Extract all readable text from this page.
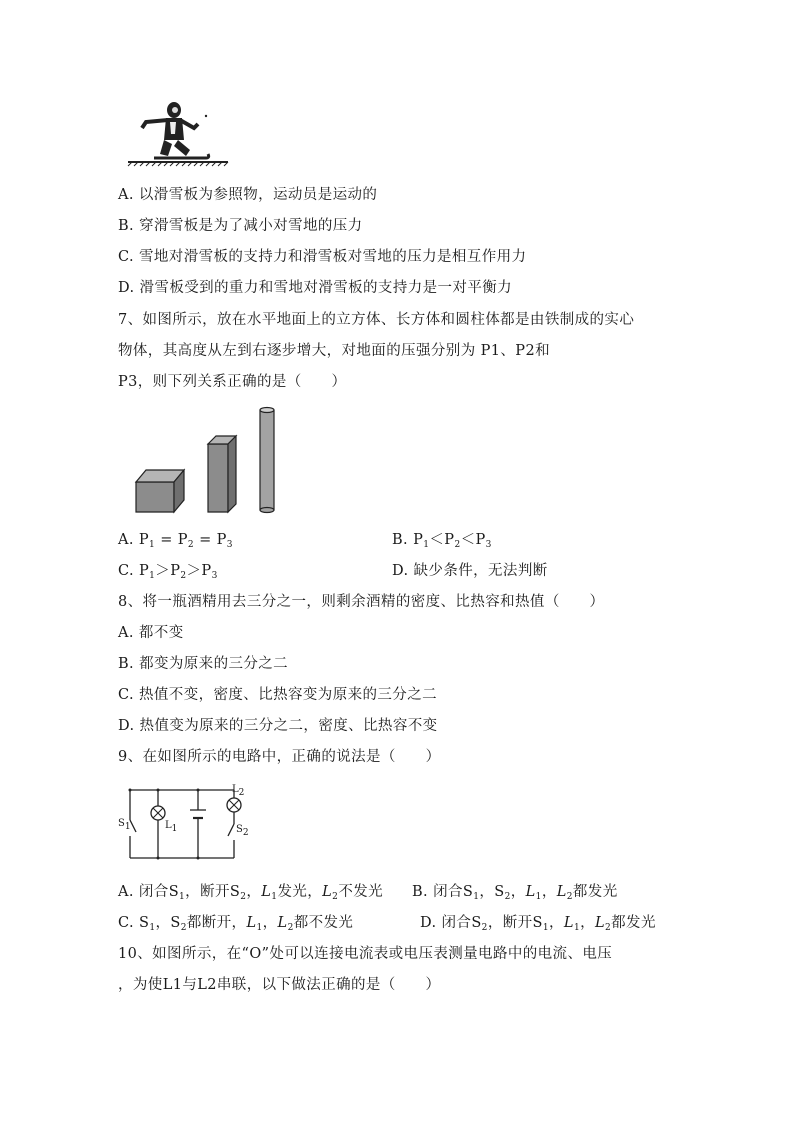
A. 以滑雪板为参照物，运动员是运动的
B. 穿滑雪板是为了减小对雪地的压力
C. 雪地对滑雪板的支持力和滑雪板对雪地的压力是相互作用力
D. 滑雪板受到的重力和雪地对滑雪板的支持力是一对平衡力
7、如图所示，放在水平地面上的立方体、长方体和圆柱体都是由铁制成的实心
物体，其高度从左到右逐步增大，对地面的压强分别为 P1、P2和
P3，则下列关系正确的是（　　）
A. $P_1 = P_2 = P_3$	B. $P_1<P_2<P_3$
C. $P_1>P_2>P_3$	D. 缺少条件，无法判断
8、将一瓶酒精用去三分之一，则剩余酒精的密度、比热容和热值（　　）
A. 都不变
B. 都变为原来的三分之二
C. 热值不变，密度、比热容变为原来的三分之二
D. 热值变为原来的三分之二，密度、比热容不变
9、在如图所示的电路中，正确的说法是（　　）
$S_1$	$L_1$
$L_2$
$S_2$
A. 闭合$S_1$，断开$S_2$，$L_1$发光，$L_2$不发光 B. 闭合$S_1$，$S_2$，$L_1$，$L_2$都发光
C. $S_1$，$S_2$都断开，$L_1$，$L_2$都不发光	D. 闭合$S_2$，断开$S_1$，$L_1$，$L_2$都发光
10、如图所示，在“O”处可以连接电流表或电压表测量电路中的电流、电压
，为使L1与L2串联，以下做法正确的是（　　）
